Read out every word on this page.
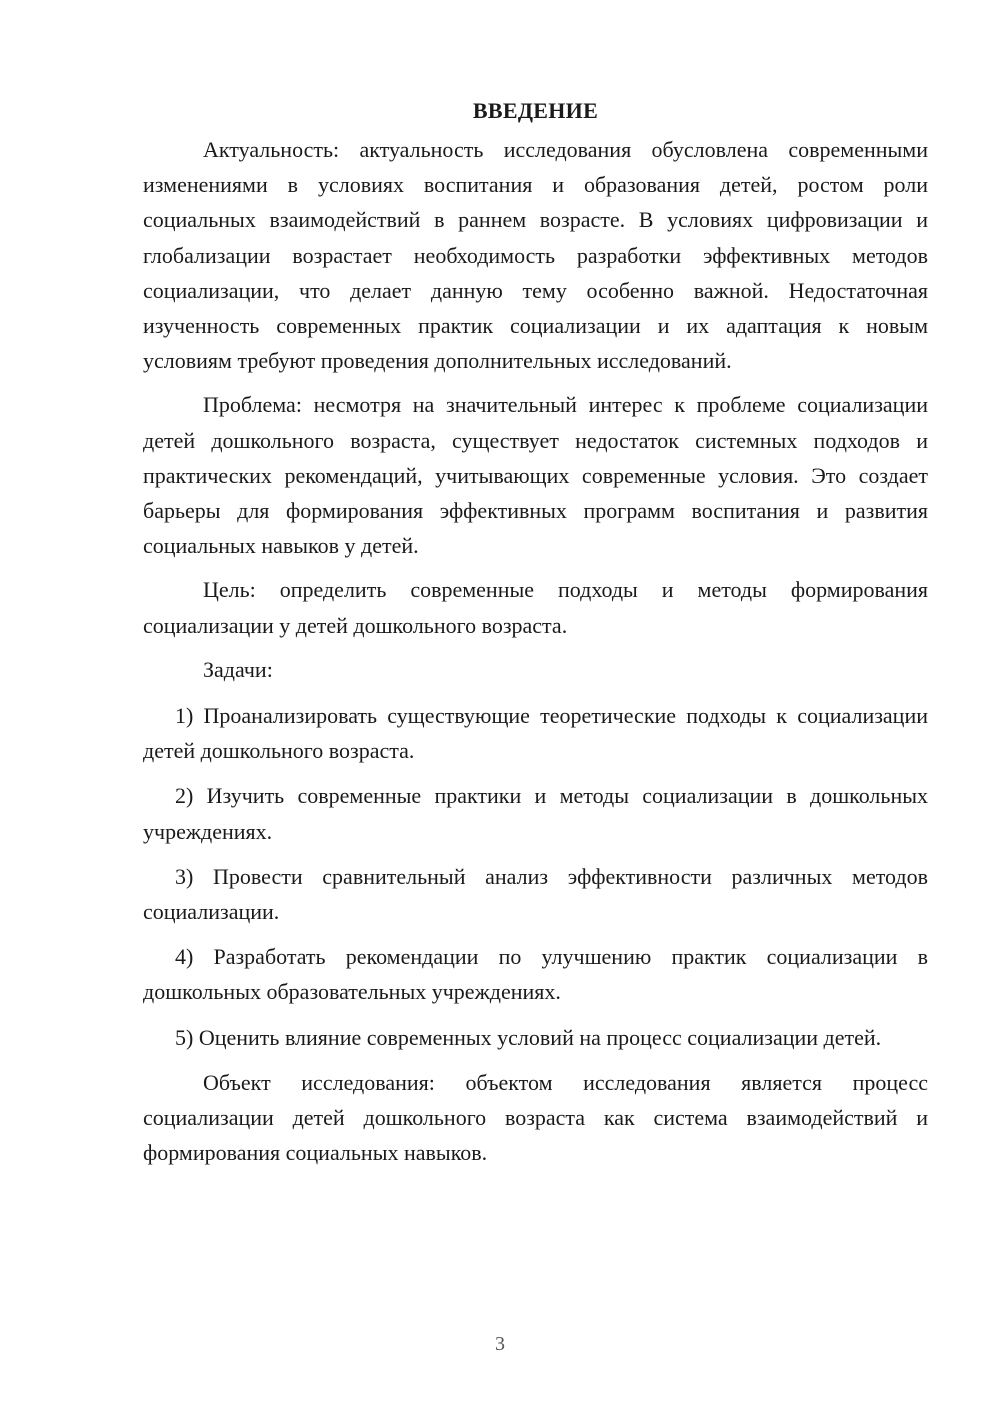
ВВЕДЕНИЕ

Актуальность: актуальность исследования обусловлена современными изменениями в условиях воспитания и образования детей, ростом роли социальных взаимодействий в раннем возрасте. В условиях цифровизации и глобализации возрастает необходимость разработки эффективных методов социализации, что делает данную тему особенно важной. Недостаточная изученность современных практик социализации и их адаптация к новым условиям требуют проведения дополнительных исследований.

Проблема: несмотря на значительный интерес к проблеме социализации детей дошкольного возраста, существует недостаток системных подходов и практических рекомендаций, учитывающих современные условия. Это создает барьеры для формирования эффективных программ воспитания и развития социальных навыков у детей.

Цель: определить современные подходы и методы формирования социализации у детей дошкольного возраста.

Задачи:

1) Проанализировать существующие теоретические подходы к социализации детей дошкольного возраста.

2) Изучить современные практики и методы социализации в дошкольных учреждениях.

3) Провести сравнительный анализ эффективности различных методов социализации.

4) Разработать рекомендации по улучшению практик социализации в дошкольных образовательных учреждениях.

5) Оценить влияние современных условий на процесс социализации детей.

Объект исследования: объектом исследования является процесс социализации детей дошкольного возраста как система взаимодействий и формирования социальных навыков.

3
